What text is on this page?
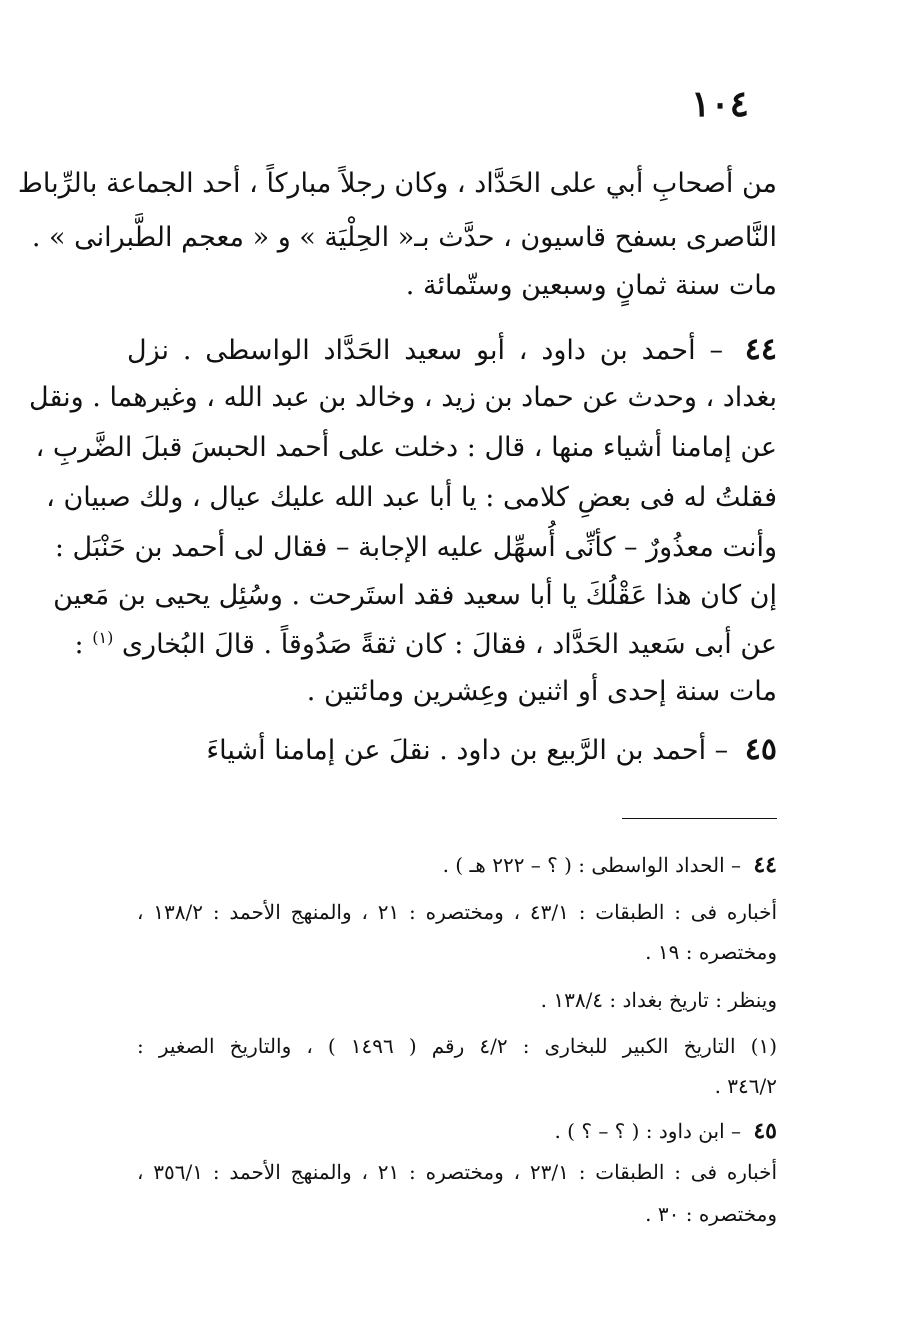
١٠٤
من أصحابِ أبي على الحَدَّاد ، وكان رجلاً مباركاً ، أحد الجماعة بالرِّباط
النَّاصرى بسفح قاسيون ، حدَّث بـ« الحِلْيَة » و « معجم الطَّبرانى » .
مات سنة ثمانٍ وسبعين وستّمائة .
٤٤ – أحمد بن داود ، أبو سعيد الحَدَّاد الواسطى . نزل
بغداد ، وحدث عن حماد بن زيد ، وخالد بن عبد الله ، وغيرهما . ونقل
عن إمامنا أشياء منها ، قال : دخلت على أحمد الحبسَ قبلَ الضَّربِ ،
فقلتُ له فى بعضِ كلامى : يا أبا عبد الله عليك عيال ، ولك صبيان ،
وأنت معذُورٌ – كأنِّى أُسهِّل عليه الإجابة – فقال لى أحمد بن حَنْبَل :
إن كان هذا عَقْلُكَ يا أبا سعيد فقد استَرحت . وسُئِل يحيى بن مَعين
عن أبى سَعيد الحَدَّاد ، فقالَ : كان ثقةً صَدُوقاً . قالَ البُخارى $^{(١)}$ :
مات سنة إحدى أو اثنين وعِشرين ومائتين .
٤٥ – أحمد بن الرَّبيع بن داود . نقلَ عن إمامنا أشياءَ
٤٤ – الحداد الواسطى : ( ؟ – ٢٢٢ هـ ) .
أخباره فى : الطبقات : ٤٣/١ ، ومختصره : ٢١ ، والمنهج الأحمد : ١٣٨/٢ ،
ومختصره : ١٩ .
وينظر : تاريخ بغداد : ١٣٨/٤ .
(١) التاريخ الكبير للبخارى : ٤/٢ رقم ( ١٤٩٦ ) ، والتاريخ الصغير :
٣٤٦/٢ .
٤٥ – ابن داود : ( ؟ – ؟ ) .
أخباره فى : الطبقات : ٢٣/١ ، ومختصره : ٢١ ، والمنهج الأحمد : ٣٥٦/١ ،
ومختصره : ٣٠ .
